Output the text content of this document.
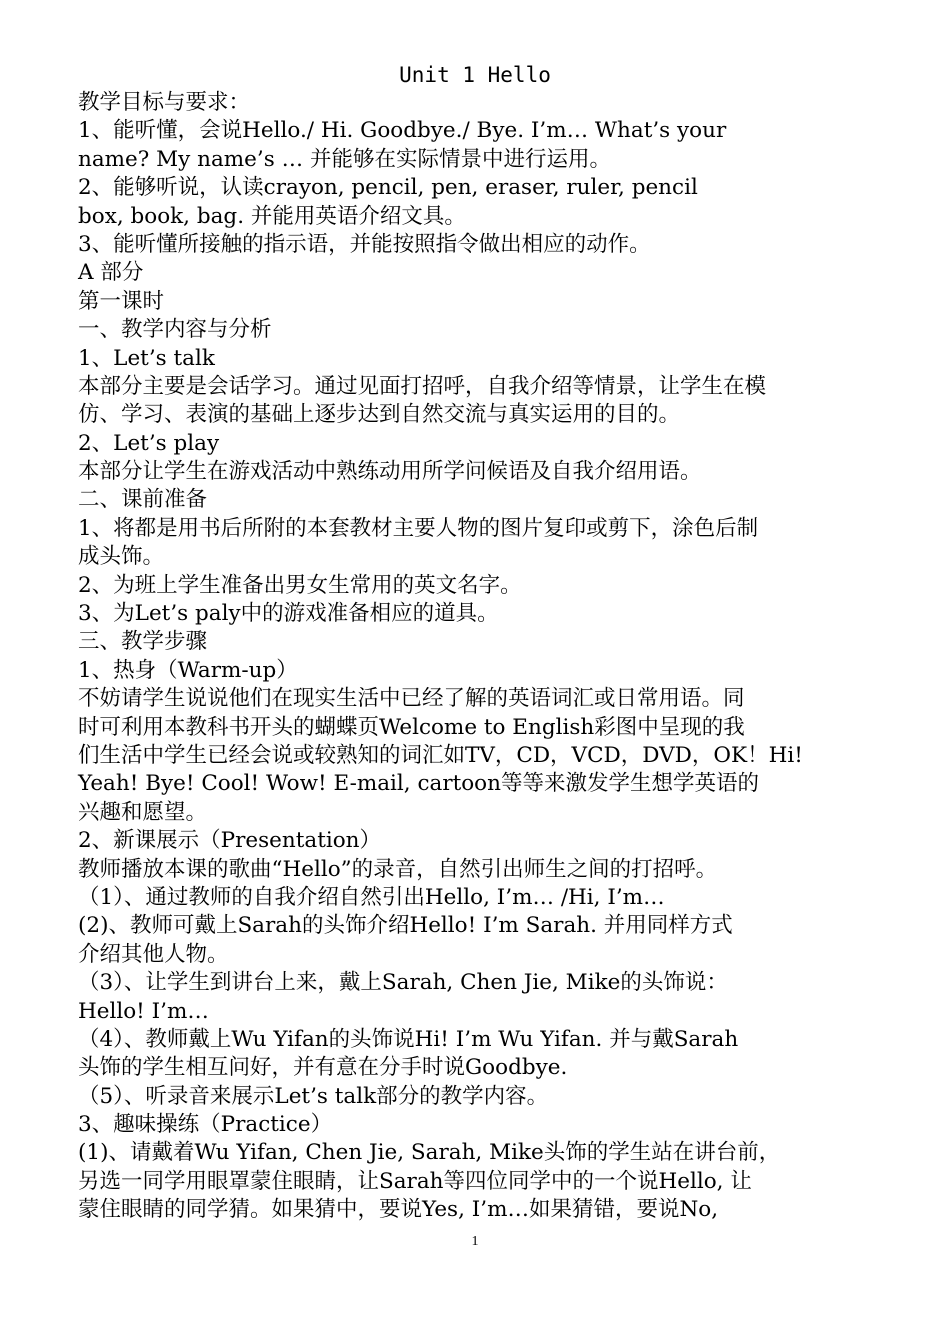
Unit 1 Hello
教学目标与要求：
1、能听懂，会说Hello./ Hi. Goodbye./ Bye. I’m… What’s your
name? My name’s … 并能够在实际情景中进行运用。
2、能够听说，认读crayon, pencil, pen, eraser, ruler, pencil
box, book, bag. 并能用英语介绍文具。
3、能听懂所接触的指示语，并能按照指令做出相应的动作。
A 部分
第一课时
一、教学内容与分析
1、Let’s talk
本部分主要是会话学习。通过见面打招呼，自我介绍等情景，让学生在模
仿、学习、表演的基础上逐步达到自然交流与真实运用的目的。
2、Let’s play
本部分让学生在游戏活动中熟练动用所学问候语及自我介绍用语。
二、课前准备
1、将都是用书后所附的本套教材主要人物的图片复印或剪下，涂色后制
成头饰。
2、为班上学生准备出男女生常用的英文名字。
3、为Let’s paly中的游戏准备相应的道具。
三、教学步骤
1、热身（Warm-up）
不妨请学生说说他们在现实生活中已经了解的英语词汇或日常用语。同
时可利用本教科书开头的蝴蝶页Welcome to English彩图中呈现的我
们生活中学生已经会说或较熟知的词汇如TV，CD，VCD，DVD，OK！Hi!
Yeah! Bye! Cool! Wow! E-mail, cartoon等等来激发学生想学英语的
兴趣和愿望。
2、新课展示（Presentation）
教师播放本课的歌曲“Hello”的录音，自然引出师生之间的打招呼。
（1）、通过教师的自我介绍自然引出Hello, I’m… /Hi, I’m…
(2)、教师可戴上Sarah的头饰介绍Hello! I’m Sarah. 并用同样方式
介绍其他人物。
（3）、让学生到讲台上来，戴上Sarah, Chen Jie, Mike的头饰说：
Hello! I’m…
（4）、教师戴上Wu Yifan的头饰说Hi! I’m Wu Yifan. 并与戴Sarah
头饰的学生相互问好，并有意在分手时说Goodbye.
（5）、听录音来展示Let’s talk部分的教学内容。
3、趣味操练（Practice）
(1)、请戴着Wu Yifan, Chen Jie, Sarah, Mike头饰的学生站在讲台前，
另选一同学用眼罩蒙住眼睛，让Sarah等四位同学中的一个说Hello, 让
蒙住眼睛的同学猜。如果猜中，要说Yes, I’m…如果猜错，要说No,
1
